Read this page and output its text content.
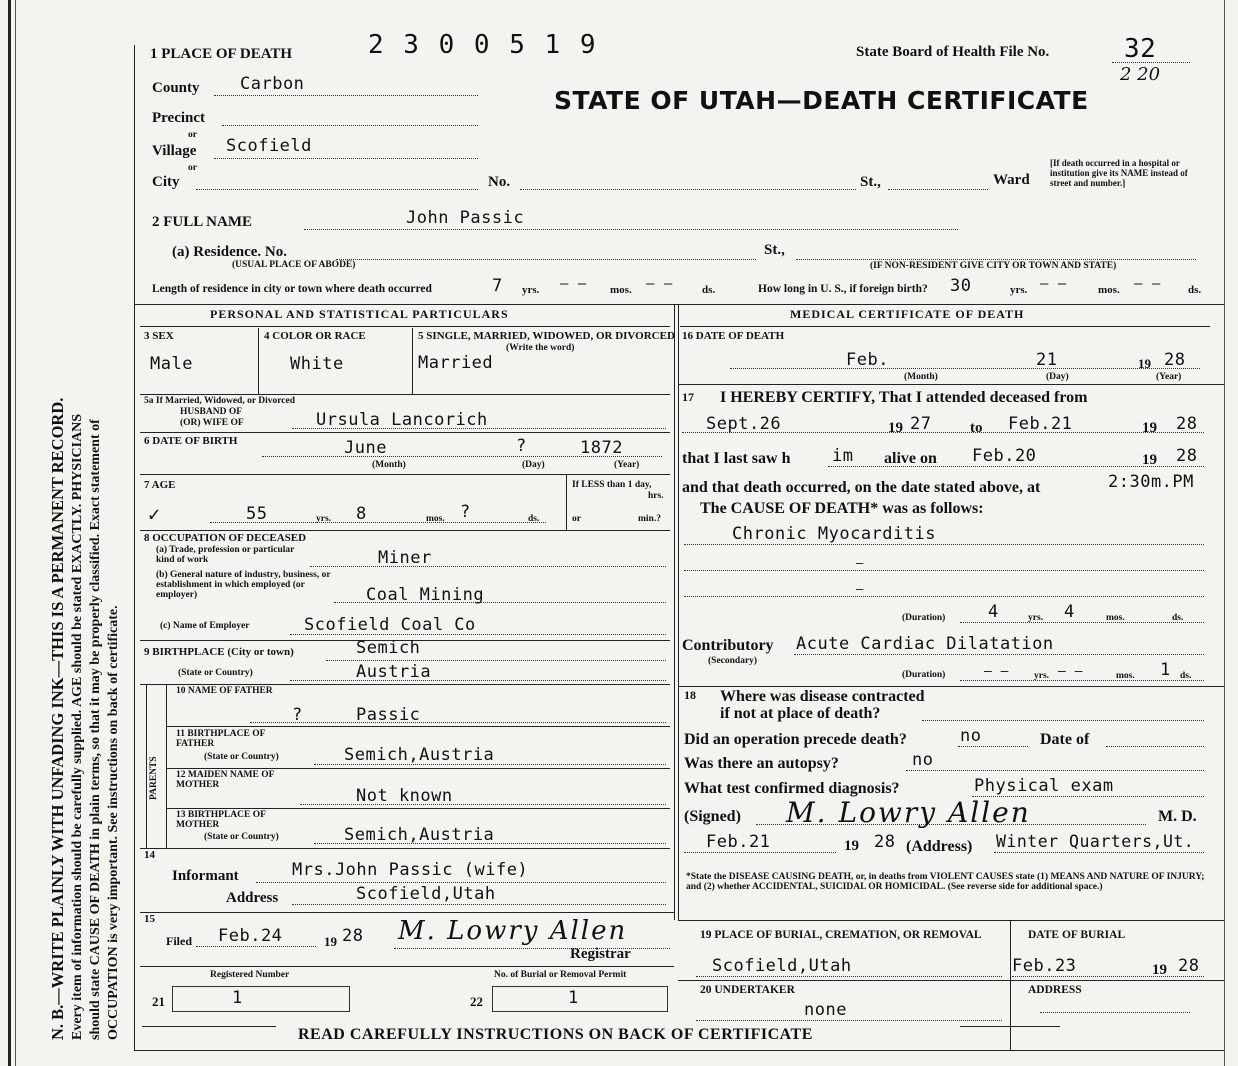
N. B.—WRITE PLAINLY WITH UNFADING INK—THIS IS A PERMANENT RECORD. Every item of information should be carefully supplied. AGE should be stated EXACTLY. PHYSICIANS should state CAUSE OF DEATH in plain terms, so that it may be properly classified. Exact statement of OCCUPATION is very important. See instructions on back of certificate.
1 PLACE OF DEATH	2 3 0 0 5 1 9	State Board of Health File No.	32
2 20
STATE OF UTAH—DEATH CERTIFICATE
County Carbon
Precinct
or
Village Scofield
or
City	No.	St.,	Ward
[If death occurred in a hospital or institution give its NAME instead of street and number.]
2 FULL NAME	John Passic
(a) Residence. No.
(USUAL PLACE OF ABODE)
St.,
(IF NON-RESIDENT GIVE CITY OR TOWN AND STATE)
Length of residence in city or town where death occurred	7 yrs. — — mos. — —	ds.	How long in U. S., if foreign birth? 30	yrs. — —	mos. — — ds.
PERSONAL AND STATISTICAL PARTICULARS
3 SEX
Male
4 COLOR OR RACE
White
5 SINGLE, MARRIED, WIDOWED, OR DIVORCED
(Write the word)
Married
5a If Married, Widowed, or Divorced
HUSBAND OF
(OR) WIFE OF	Ursula Lancorich
6 DATE OF BIRTH	June	?	1872
(Month)	(Day)	(Year)
7 AGE
✓	55	yrs. 8	mos. ?	ds.
If LESS than 1 day,
hrs.
or	min.?
8 OCCUPATION OF DECEASED
(a) Trade, profession or particular kind of work	Miner
(b) General nature of industry, business, or establishment in which employed (or employer)	Coal Mining
(c) Name of Employer	Scofield Coal Co
9 BIRTHPLACE (City or town)	Semich
(State or Country)	Austria
PARENTS
10 NAME OF FATHER
?	Passic
11 BIRTHPLACE OF FATHER
(State or Country)	Semich,Austria
12 MAIDEN NAME OF MOTHER
Not known
13 BIRTHPLACE OF MOTHER
(State or Country)	Semich,Austria
14
Informant	Mrs.John Passic (wife)
Address	Scofield,Utah
15
Filed Feb.24	19 28 M. Lowry Allen
Registrar
Registered Number	No. of Burial or Removal Permit
21	1	22	1
MEDICAL CERTIFICATE OF DEATH
16 DATE OF DEATH
Feb.	21	19 28
(Month)	(Day)	(Year)
17 I HEREBY CERTIFY, That I attended deceased from
Sept.26	19 27	to Feb.21	19 28
that I last saw h im alive on Feb.20	19 28
and that death occurred, on the date stated above, at	2:30m.PM
The CAUSE OF DEATH* was as follows:
Chronic Myocarditis
—
—
(Duration)	4	yrs. 4	mos.	ds.
Contributory
(Secondary)
Acute Cardiac Dilatation
(Duration)	— —	yrs. — —	mos. 1 ds.
18 Where was disease contracted
if not at place of death?
Did an operation precede death?	no	Date of
Was there an autopsy?	no
What test confirmed diagnosis?	Physical exam
(Signed) M. Lowry Allen	M. D.
Feb.21	19 28 (Address) Winter Quarters,Ut.
*State the DISEASE CAUSING DEATH, or, in deaths from VIOLENT CAUSES state (1) MEANS AND NATURE OF INJURY; and (2) whether ACCIDENTAL, SUICIDAL OR HOMICIDAL. (See reverse side for additional space.)
19 PLACE OF BURIAL, CREMATION, OR REMOVAL	DATE OF BURIAL
Scofield,Utah	Feb.23	19 28
20 UNDERTAKER	ADDRESS
none
READ CAREFULLY INSTRUCTIONS ON BACK OF CERTIFICATE
